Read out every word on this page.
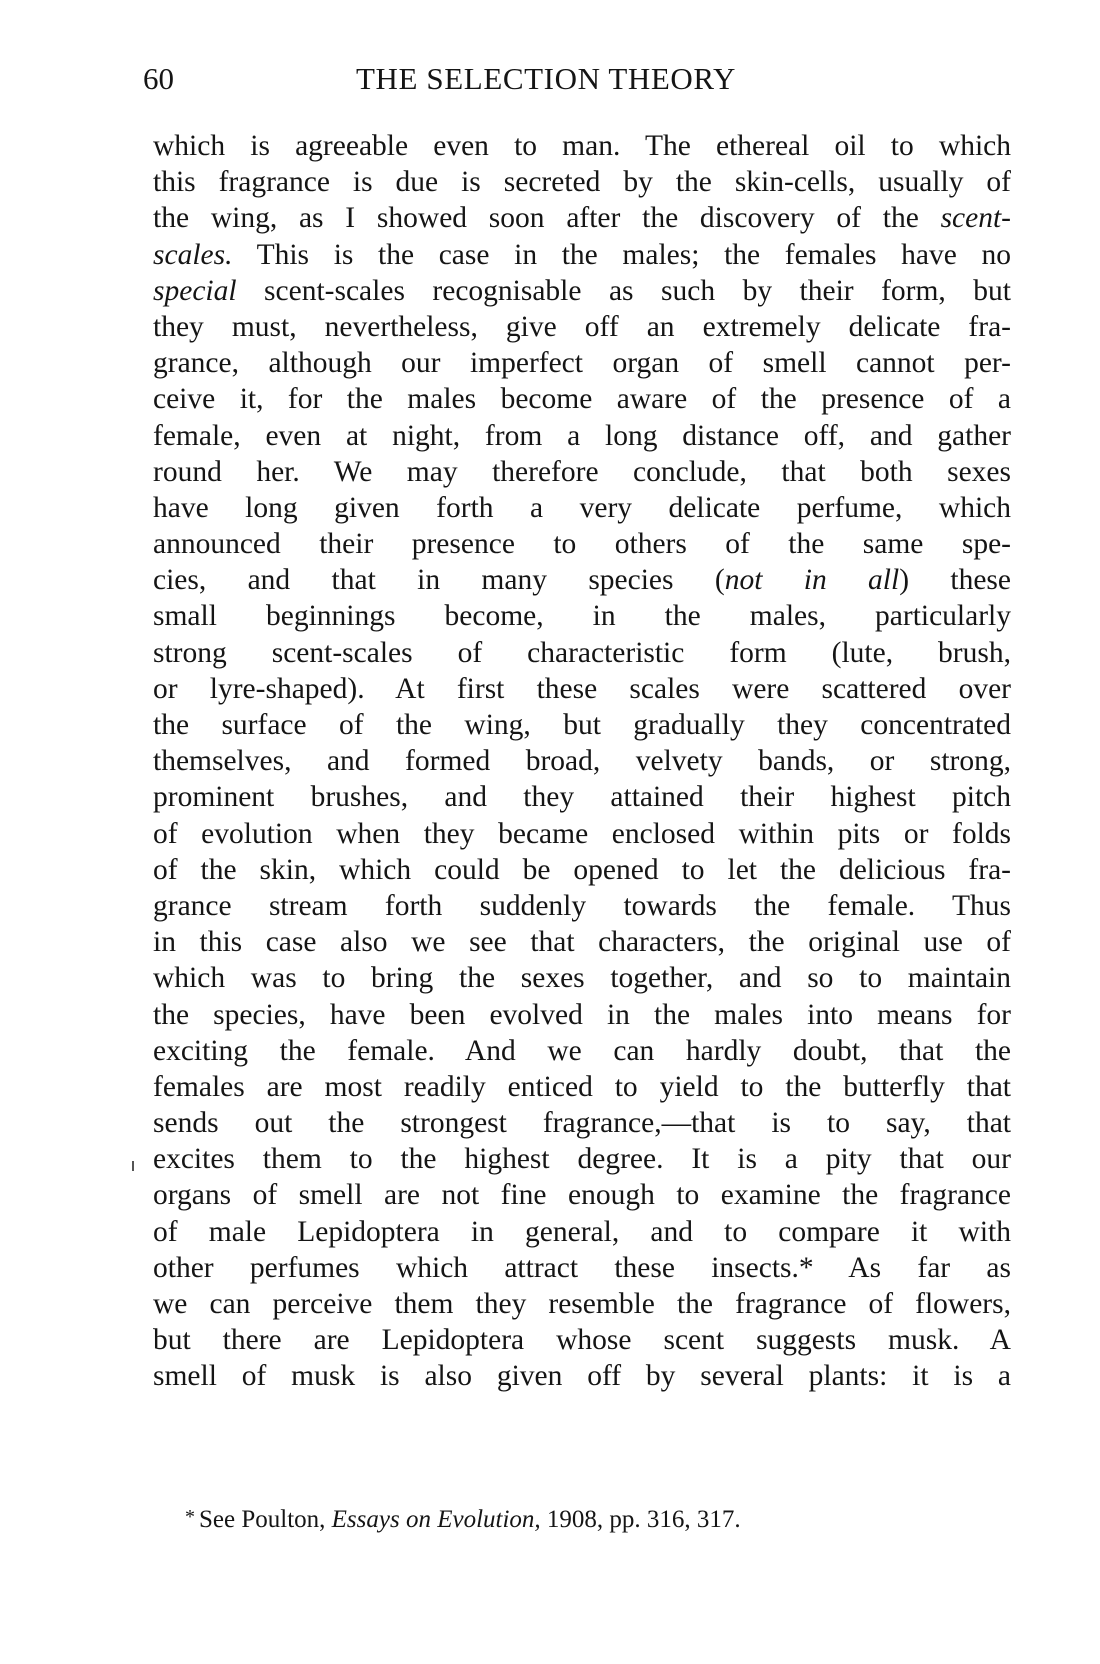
60	THE SELECTION THEORY
which is agreeable even to man. The ethereal oil to which
this fragrance is due is secreted by the skin-cells, usually of
the wing, as I showed soon after the discovery of the scent-
scales. This is the case in the males; the females have no
special scent-scales recognisable as such by their form, but
they must, nevertheless, give off an extremely delicate fra-
grance, although our imperfect organ of smell cannot per-
ceive it, for the males become aware of the presence of a
female, even at night, from a long distance off, and gather
round her. We may therefore conclude, that both sexes
have long given forth a very delicate perfume, which
announced their presence to others of the same spe-
cies, and that in many species (not in all) these
small beginnings become, in the males, particularly
strong scent-scales of characteristic form (lute, brush,
or lyre-shaped). At first these scales were scattered over
the surface of the wing, but gradually they concentrated
themselves, and formed broad, velvety bands, or strong,
prominent brushes, and they attained their highest pitch
of evolution when they became enclosed within pits or folds
of the skin, which could be opened to let the delicious fra-
grance stream forth suddenly towards the female. Thus
in this case also we see that characters, the original use of
which was to bring the sexes together, and so to maintain
the species, have been evolved in the males into means for
exciting the female. And we can hardly doubt, that the
females are most readily enticed to yield to the butterfly that
sends out the strongest fragrance,—that is to say, that
excites them to the highest degree. It is a pity that our
organs of smell are not fine enough to examine the fragrance
of male Lepidoptera in general, and to compare it with
other perfumes which attract these insects.* As far as
we can perceive them they resemble the fragrance of flowers,
but there are Lepidoptera whose scent suggests musk. A
smell of musk is also given off by several plants: it is a
* See Poulton, Essays on Evolution, 1908, pp. 316, 317.
